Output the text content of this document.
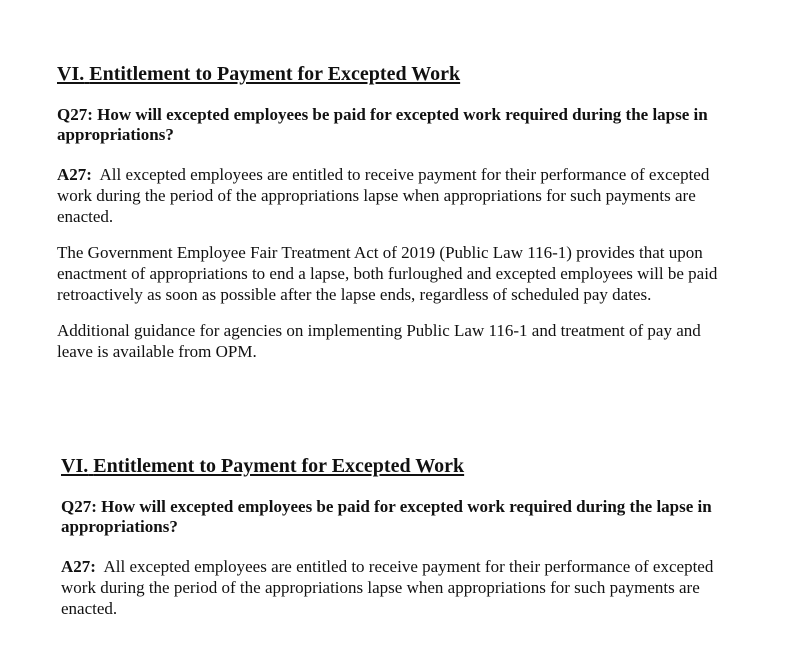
VI. Entitlement to Payment for Excepted Work

Q27: How will excepted employees be paid for excepted work required during the lapse in appropriations?

A27: All excepted employees are entitled to receive payment for their performance of excepted work during the period of the appropriations lapse when appropriations for such payments are enacted.

The Government Employee Fair Treatment Act of 2019 (Public Law 116-1) provides that upon enactment of appropriations to end a lapse, both furloughed and excepted employees will be paid retroactively as soon as possible after the lapse ends, regardless of scheduled pay dates.

Additional guidance for agencies on implementing Public Law 116-1 and treatment of pay and leave is available from OPM.

VI. Entitlement to Payment for Excepted Work

Q27: How will excepted employees be paid for excepted work required during the lapse in appropriations?

A27: All excepted employees are entitled to receive payment for their performance of excepted work during the period of the appropriations lapse when appropriations for such payments are enacted.
